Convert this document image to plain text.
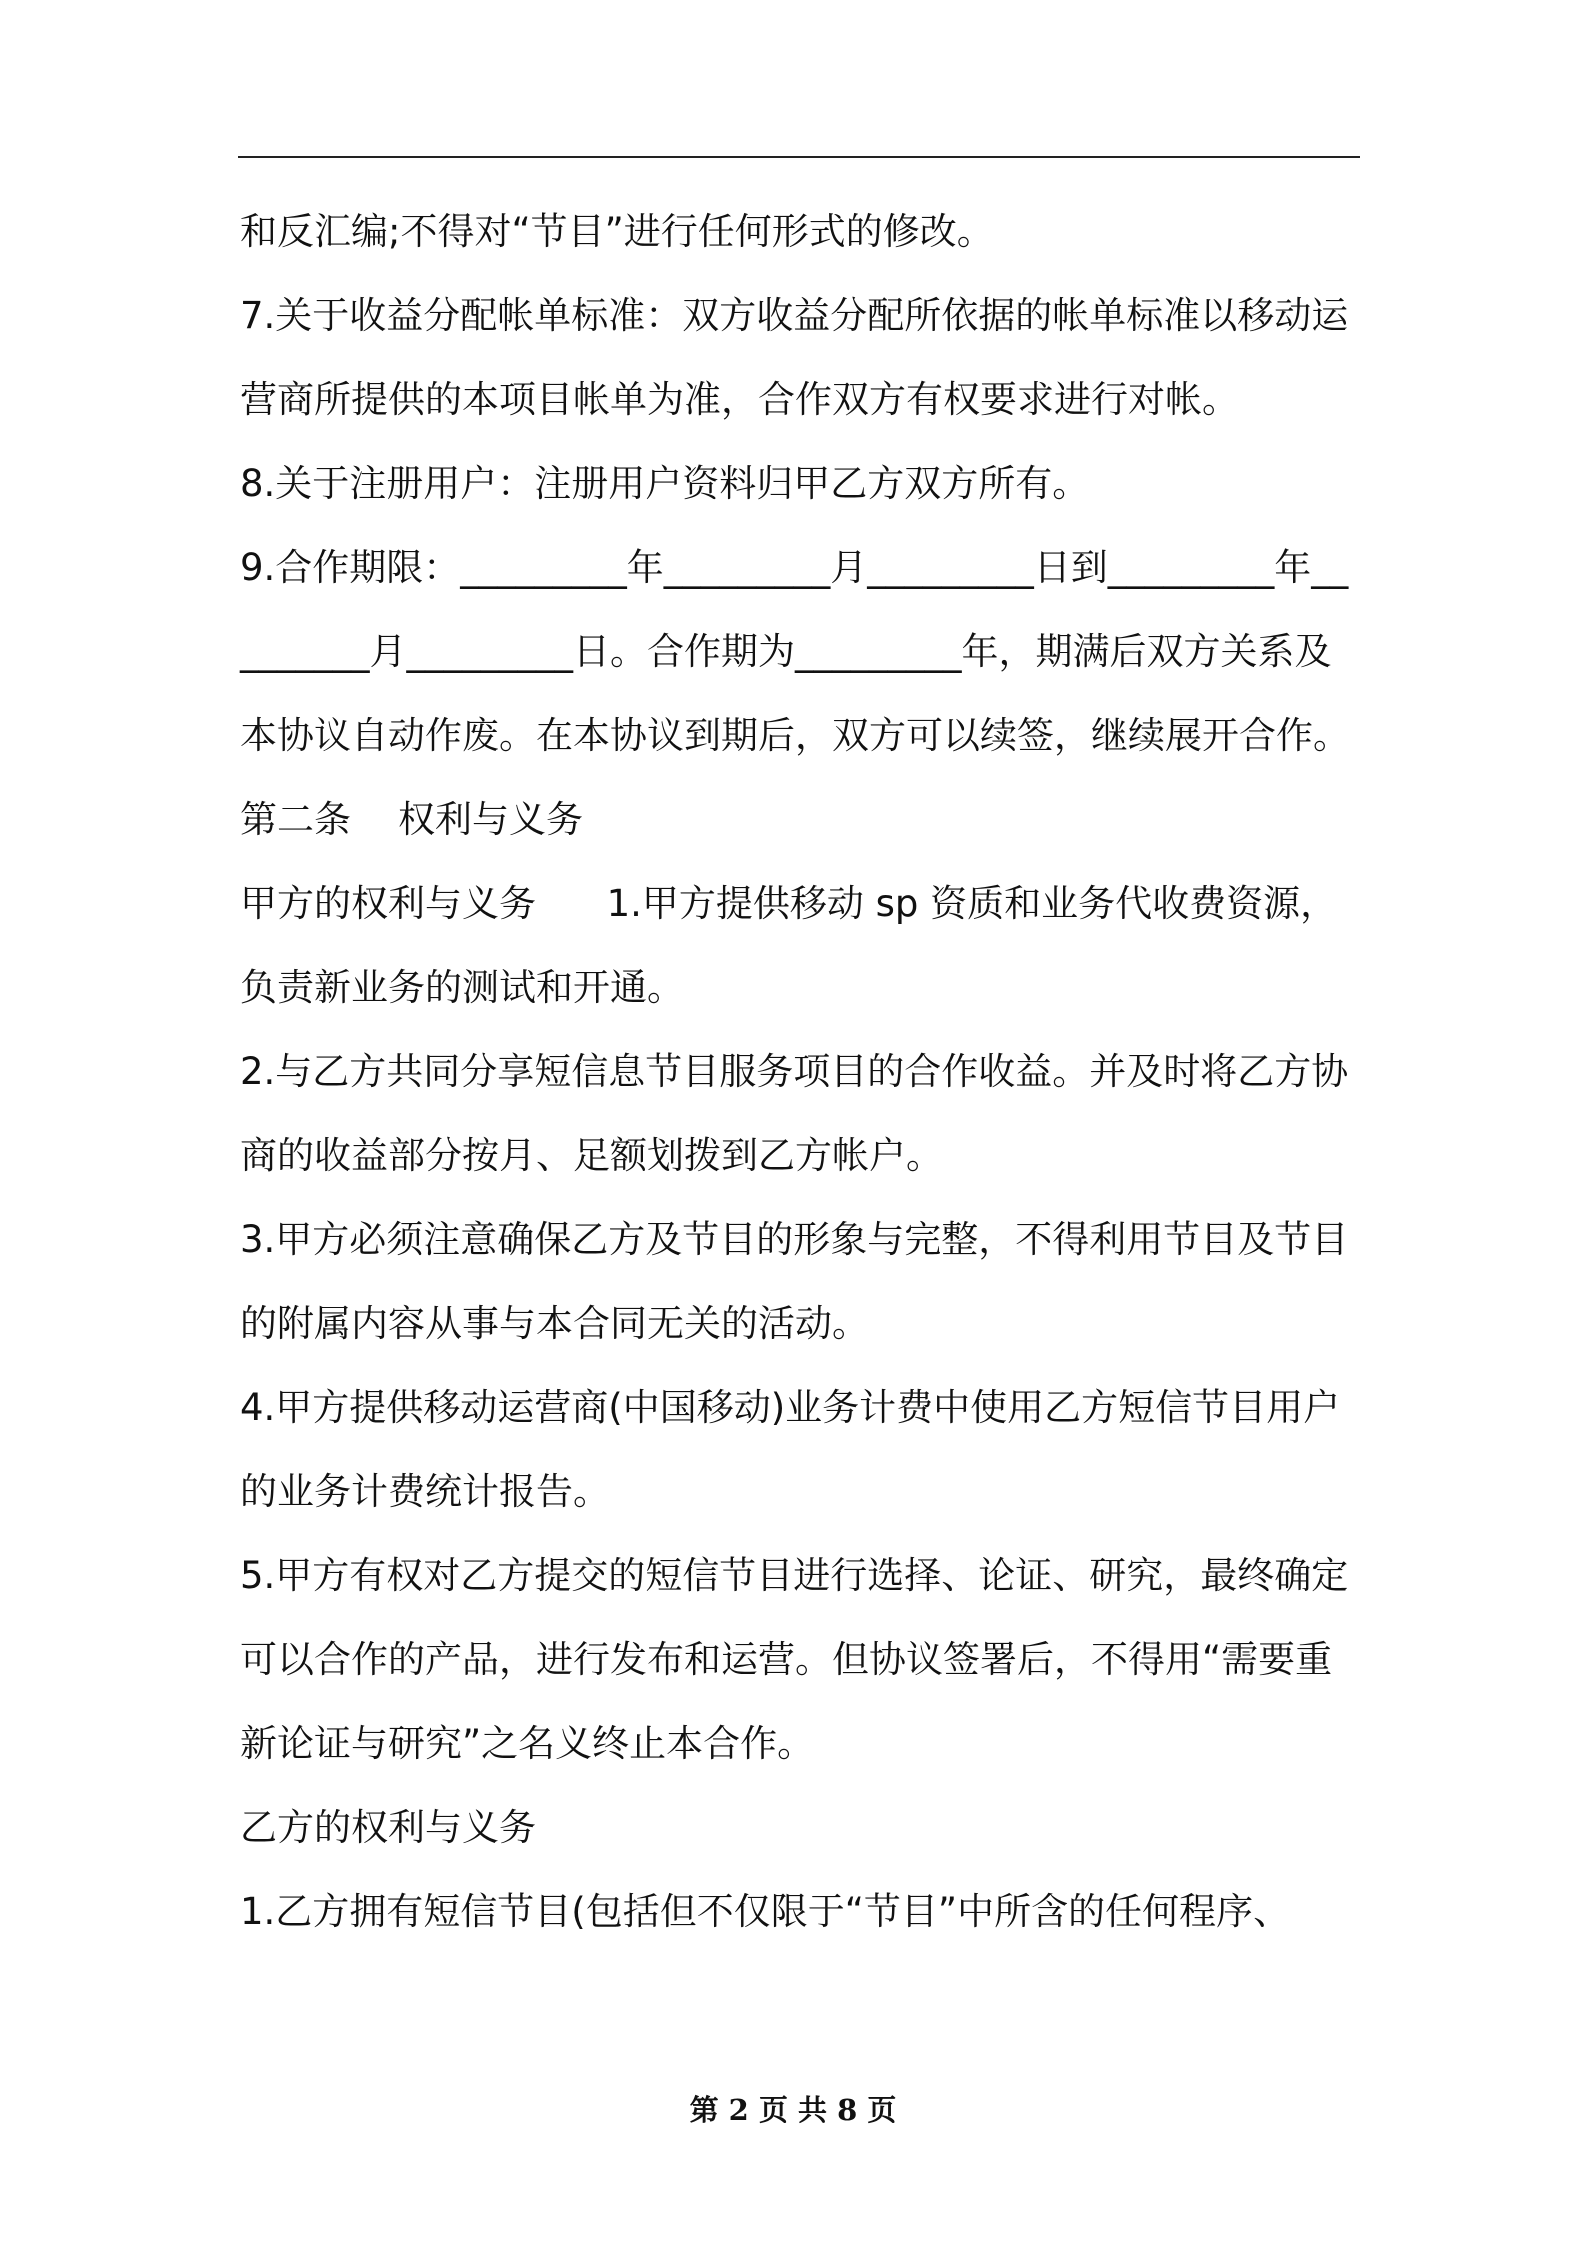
和反汇编;不得对“节目”进行任何形式的修改。

7.关于收益分配帐单标准：双方收益分配所依据的帐单标准以移动运营商所提供的本项目帐单为准，合作双方有权要求进行对帐。

8.关于注册用户：注册用户资料归甲乙方双方所有。

9.合作期限：_________年_________月_________日到_________年_________月_________日。合作期为_________年，期满后双方关系及本协议自动作废。在本协议到期后，双方可以续签，继续展开合作。

第二条    权利与义务

甲方的权利与义务      1.甲方提供移动 sp 资质和业务代收费资源，负责新业务的测试和开通。

2.与乙方共同分享短信息节目服务项目的合作收益。并及时将乙方协商的收益部分按月、足额划拨到乙方帐户。

3.甲方必须注意确保乙方及节目的形象与完整，不得利用节目及节目的附属内容从事与本合同无关的活动。

4.甲方提供移动运营商(中国移动)业务计费中使用乙方短信节目用户的业务计费统计报告。

5.甲方有权对乙方提交的短信节目进行选择、论证、研究，最终确定可以合作的产品，进行发布和运营。但协议签署后，不得用“需要重新论证与研究”之名义终止本合作。

乙方的权利与义务

1.乙方拥有短信节目(包括但不仅限于“节目”中所含的任何程序、

第 2 页 共 8 页
